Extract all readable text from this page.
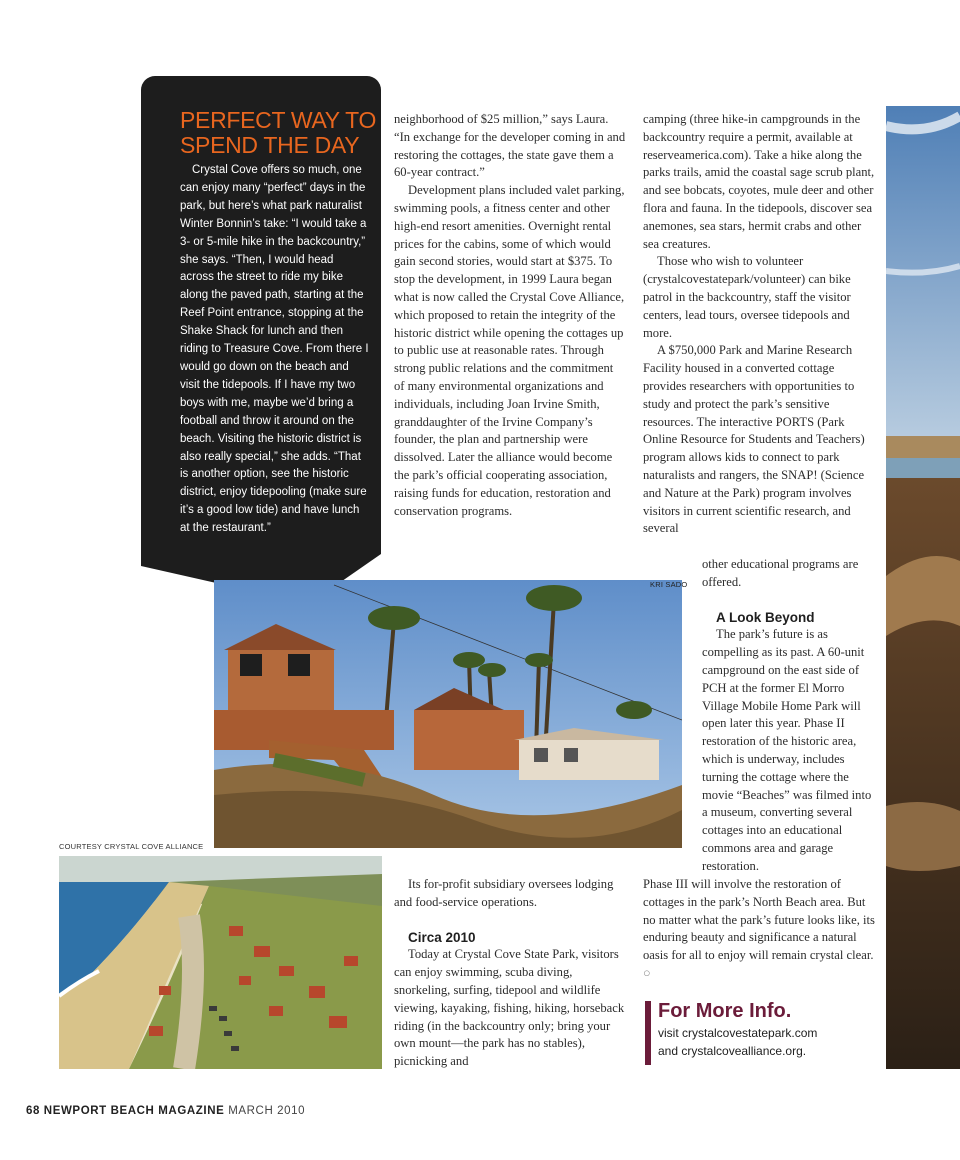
PERFECT WAY TO
SPEND THE DAY

Crystal Cove offers so much, one can enjoy many “perfect” days in the park, but here’s what park naturalist Winter Bonnin’s take: “I would take a 3- or 5-mile hike in the backcountry,” she says. “Then, I would head across the street to ride my bike along the paved path, starting at the Reef Point entrance, stopping at the Shake Shack for lunch and then riding to Treasure Cove. From there I would go down on the beach and visit the tidepools. If I have my two boys with me, maybe we’d bring a football and throw it around on the beach. Visiting the historic district is also really special,” she adds. “That is another option, see the historic district, enjoy tidepooling (make sure it’s a good low tide) and have lunch at the restaurant.”

neighborhood of $25 million,” says Laura. “In exchange for the developer coming in and restoring the cottages, the state gave them a 60-year contract.”

Development plans included valet parking, swimming pools, a fitness center and other high-end resort amenities. Overnight rental prices for the cabins, some of which would gain second stories, would start at $375. To stop the development, in 1999 Laura began what is now called the Crystal Cove Alliance, which proposed to retain the integrity of the historic district while opening the cottages up to public use at reasonable rates. Through strong public relations and the commitment of many environmental organizations and individuals, including Joan Irvine Smith, granddaughter of the Irvine Company’s founder, the plan and partnership were dissolved. Later the alliance would become the park’s official cooperating association, raising funds for education, restoration and conservation programs.

camping (three hike-in campgrounds in the backcountry require a permit, available at reserveamerica.com). Take a hike along the parks trails, amid the coastal sage scrub plant, and see bobcats, coyotes, mule deer and other flora and fauna. In the tidepools, discover sea anemones, sea stars, hermit crabs and other sea creatures.

Those who wish to volunteer (crystalcovestatepark/volunteer) can bike patrol in the backcountry, staff the visitor centers, lead tours, oversee tidepools and more.

A $750,000 Park and Marine Research Facility housed in a converted cottage provides researchers with opportunities to study and protect the park’s sensitive resources. The interactive PORTS (Park Online Resource for Students and Teachers) program allows kids to connect to park naturalists and rangers, the SNAP! (Science and Nature at the Park) program involves visitors in current scientific research, and several

other educational programs are offered.

A Look Beyond

The park’s future is as compelling as its past. A 60-unit campground on the east side of PCH at the former El Morro Village Mobile Home Park will open later this year. Phase II restoration of the historic area, which is underway, includes turning the cottage where the movie “Beaches” was filmed into a museum, converting several cottages into an educational commons area and garage restoration.

Phase III will involve the restoration of cottages in the park’s North Beach area. But no matter what the park’s future looks like, its enduring beauty and significance a natural oasis for all to enjoy will remain crystal clear. ○

Its for-profit subsidiary oversees lodging and food-service operations.

Circa 2010

Today at Crystal Cove State Park, visitors can enjoy swimming, scuba diving, snorkeling, surfing, tidepool and wildlife viewing, kayaking, fishing, hiking, horseback riding (in the backcountry only; bring your own mount—the park has no stables), picnicking and

KRI SADO
COURTESY CRYSTAL COVE ALLIANCE
For More Info.
visit crystalcovestatepark.com
and crystalcovealliance.org.
68 NEWPORT BEACH MAGAZINE MARCH 2010
